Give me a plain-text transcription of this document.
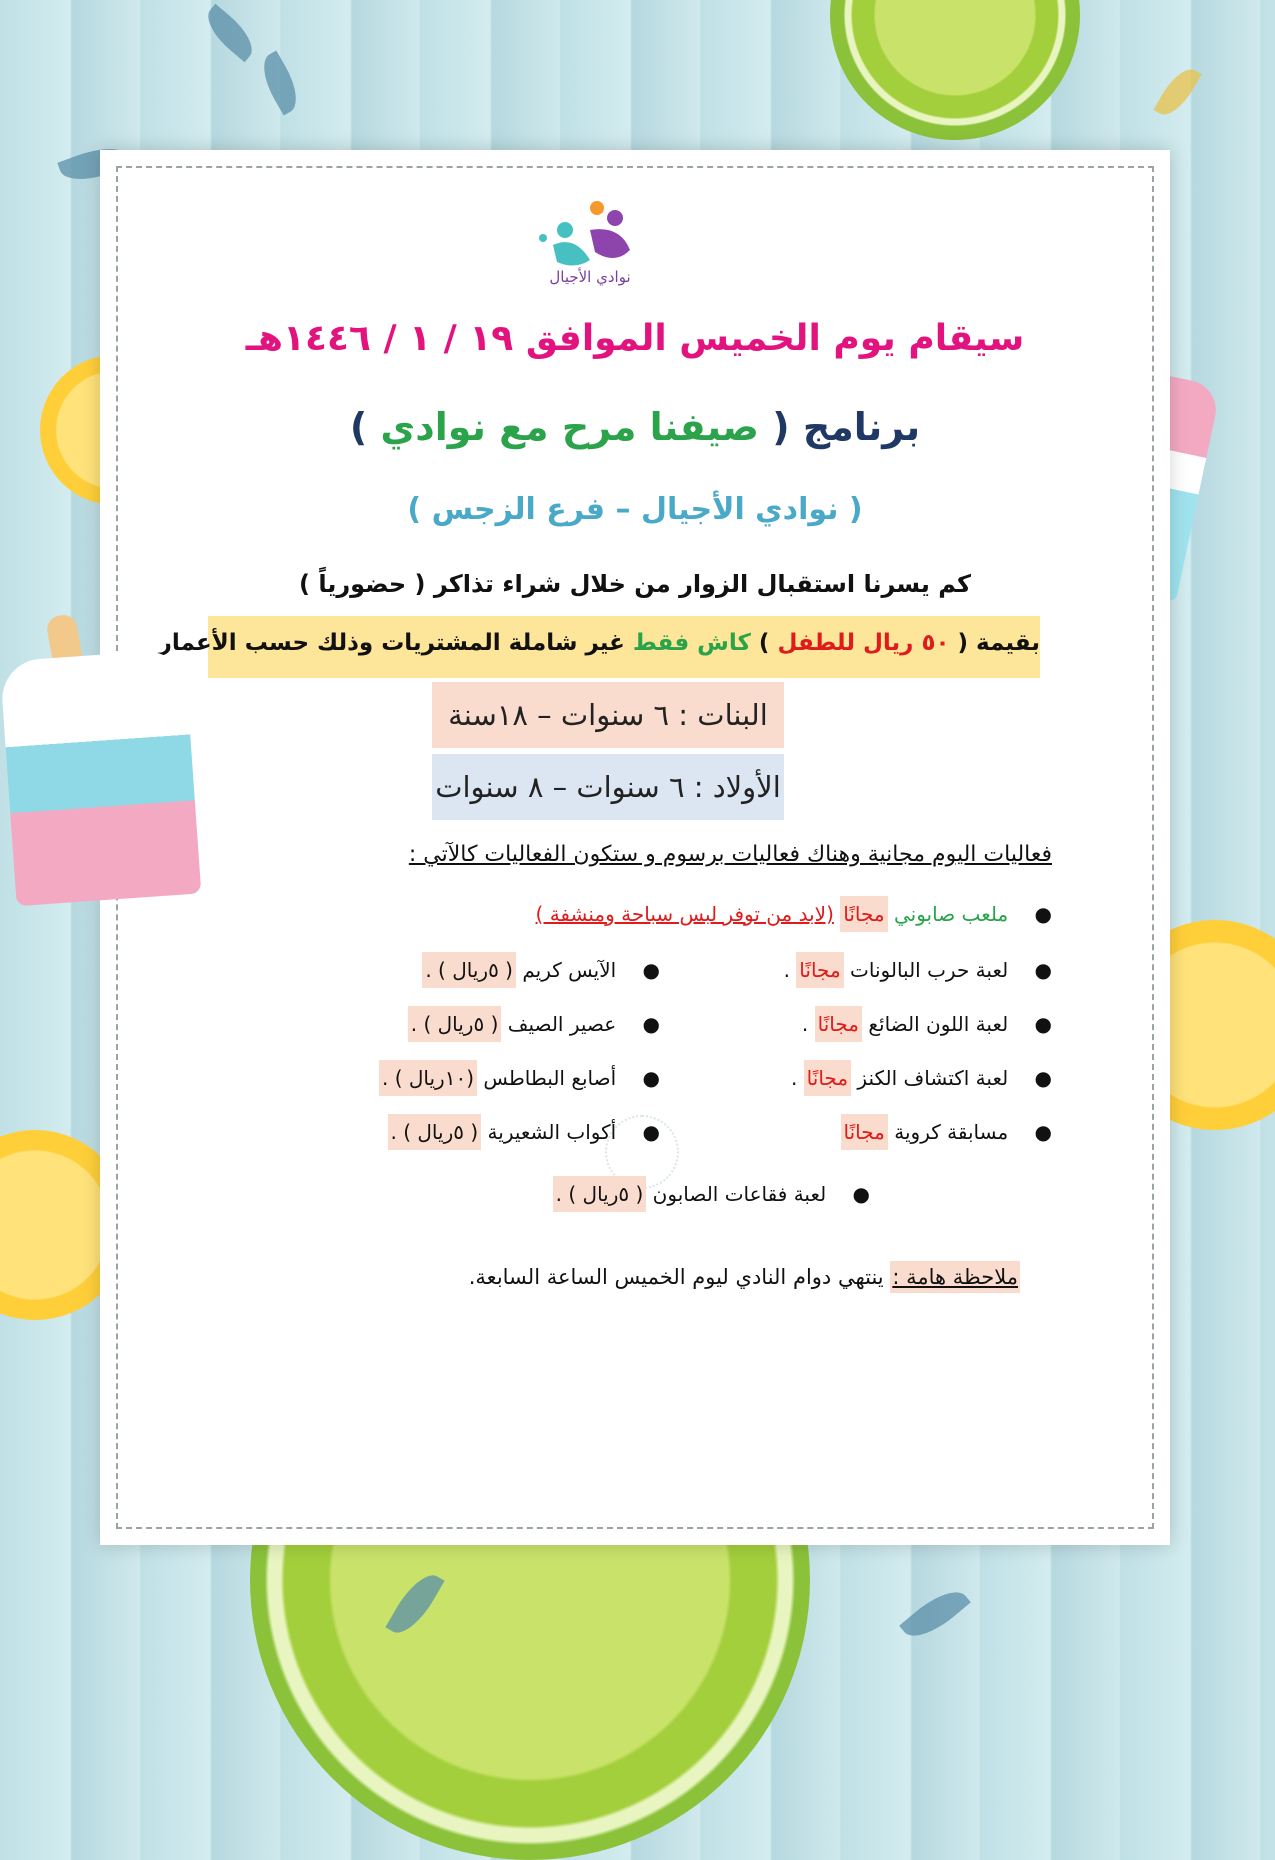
نوادي الأجيال
سيقام يوم الخميس الموافق ١٩ / ١ / ١٤٤٦هـ
برنامج ( صيفنا مرح مع نوادي )
( نوادي الأجيال – فرع الزجس )
كم يسرنا استقبال الزوار من خلال شراء تذاكر ( حضورياً )
بقيمة ( ٥٠ ريال للطفل ) كاش فقط غير شاملة المشتريات وذلك حسب الأعمار
البنات : ٦ سنوات – ١٨سنة
الأولاد : ٦ سنوات – ٨ سنوات
فعاليات اليوم مجانية وهناك فعاليات برسوم و ستكون الفعاليات كالآتي :
● ملعب صابوني مجانًا (لابد من توفر لبس سباحة ومنشفة )
● لعبة حرب البالونات مجانًا .
● لعبة اللون الضائع مجانًا .
● لعبة اكتشاف الكنز مجانًا .
● مسابقة كروية مجانًا
● الآيس كريم ( ٥ريال ) .
● عصير الصيف ( ٥ريال ) .
● أصابع البطاطس (١٠ريال ) .
● أكواب الشعيرية ( ٥ريال ) .
● لعبة فقاعات الصابون ( ٥ريال ) .
ملاحظة هامة : ينتهي دوام النادي ليوم الخميس الساعة السابعة.
